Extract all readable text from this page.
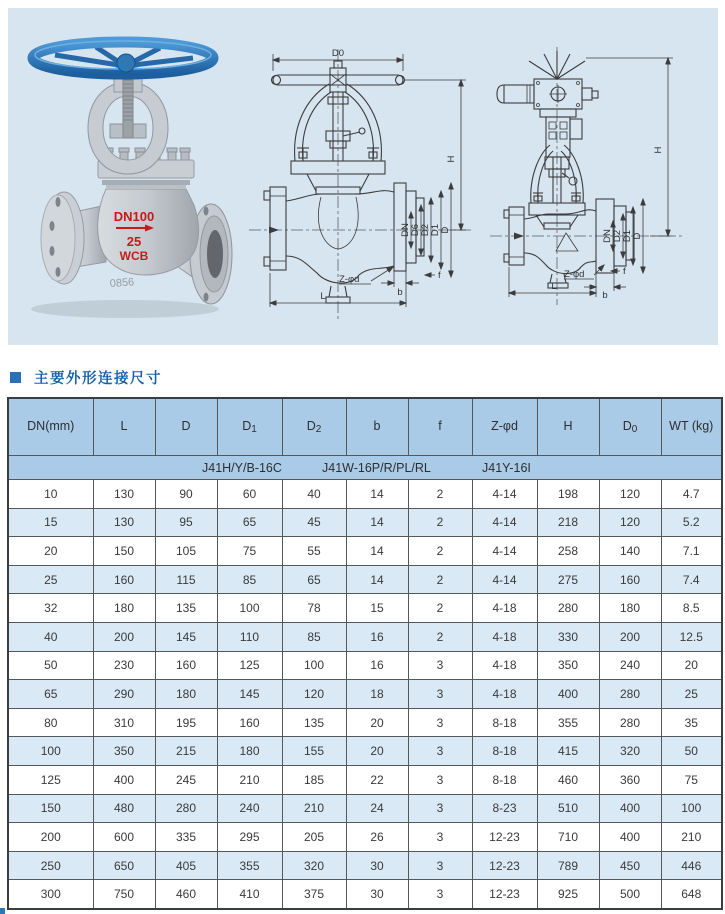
DN100
25
WCB
0856
D0
H
DN D6 D2 D1 D
b
f
Z-φd
L
DN D2 D1 D
H
Z-φd	f
b
L
主要外形连接尺寸
DN(mm)	L	D	D1	D2	b	f	Z-φd	H	D0	WT (kg)

J41H/Y/B-16C J41W-16P/R/PL/RL J41Y-16I										

10	130	90	60	40	14	2	4-14	198	120	4.7
15	130	95	65	45	14	2	4-14	218	120	5.2
20	150	105	75	55	14	2	4-14	258	140	7.1
25	160	115	85	65	14	2	4-14	275	160	7.4
32	180	135	100	78	15	2	4-18	280	180	8.5
40	200	145	110	85	16	2	4-18	330	200	12.5
50	230	160	125	100	16	3	4-18	350	240	20
65	290	180	145	120	18	3	4-18	400	280	25
80	310	195	160	135	20	3	8-18	355	280	35
100	350	215	180	155	20	3	8-18	415	320	50
125	400	245	210	185	22	3	8-18	460	360	75
150	480	280	240	210	24	3	8-23	510	400	100
200	600	335	295	205	26	3	12-23	710	400	210
250	650	405	355	320	30	3	12-23	789	450	446
300	750	460	410	375	30	3	12-23	925	500	648
